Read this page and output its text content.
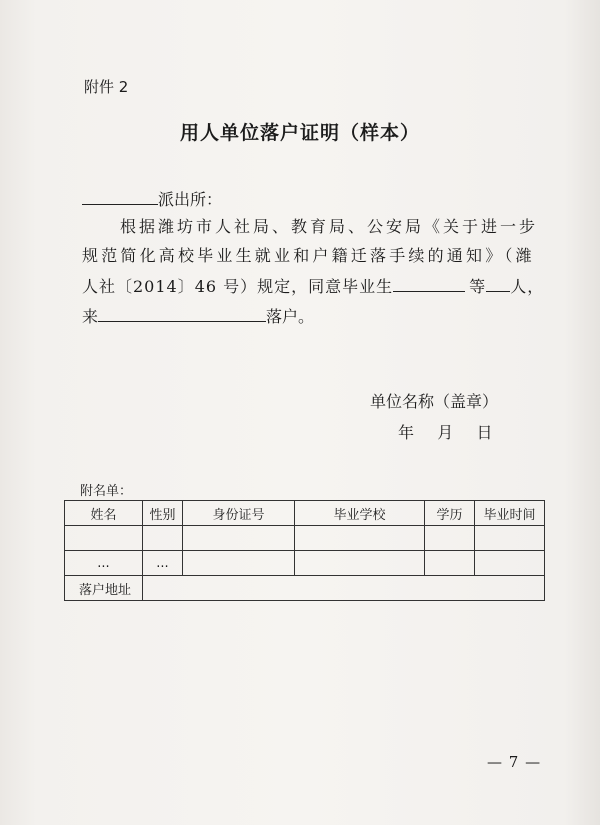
附件 2
用人单位落户证明（样本）
派出所：
根据潍坊市人社局、教育局、公安局《关于进一步
规范简化高校毕业生就业和户籍迁落手续的通知》（潍
人社〔2014〕46 号）规定，同意毕业生	等 人，
来	落户。
单位名称（盖章）
年   月   日
附名单：
姓名	性别	身份证号	毕业学校	学历	毕业时间

...	...				
落户地址					
— 7 —
